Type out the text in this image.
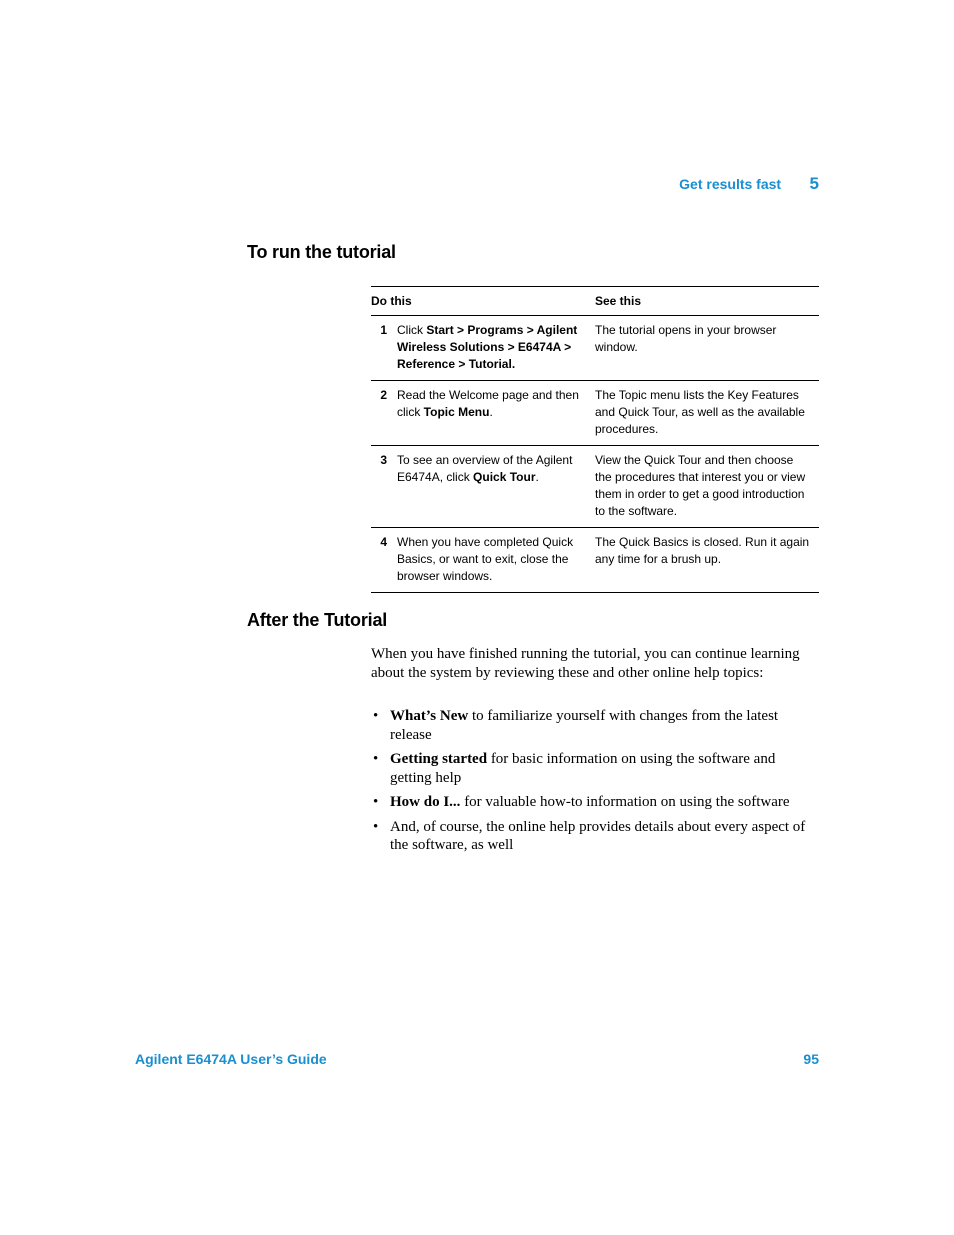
Get results fast 5
To run the tutorial
Do this	See this
1 Click Start > Programs > Agilent Wireless Solutions > E6474A > Reference > Tutorial.
The tutorial opens in your browser window.
2 Read the Welcome page and then click Topic Menu.
The Topic menu lists the Key Features and Quick Tour, as well as the available procedures.
3 To see an overview of the Agilent E6474A, click Quick Tour.
View the Quick Tour and then choose the procedures that interest you or view them in order to get a good introduction to the software.
4 When you have completed Quick Basics, or want to exit, close the browser windows.
The Quick Basics is closed. Run it again any time for a brush up.
After the Tutorial

When you have finished running the tutorial, you can continue learning about the system by reviewing these and other online help topics:

• What’s New to familiarize yourself with changes from the latest release
• Getting started for basic information on using the software and getting help
• How do I... for valuable how-to information on using the software
• And, of course, the online help provides details about every aspect of the software, as well
Agilent E6474A User’s Guide	95
